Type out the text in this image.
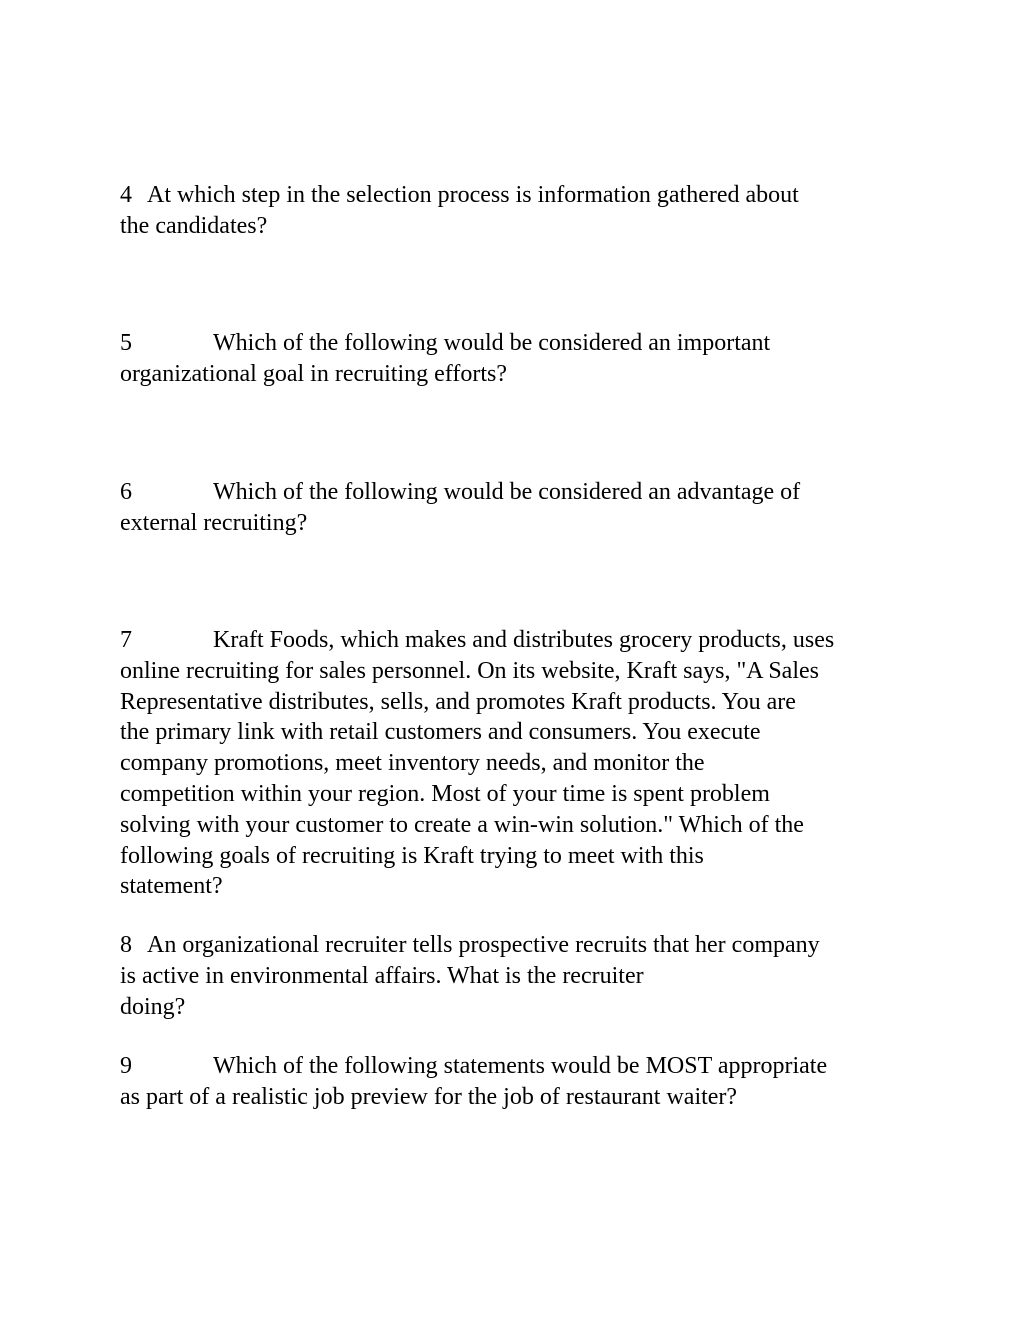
4 At which step in the selection process is information gathered about
the candidates?

5	Which of the following would be considered an important
organizational goal in recruiting efforts?

6	Which of the following would be considered an advantage of
external recruiting?

7	Kraft Foods, which makes and distributes grocery products, uses
online recruiting for sales personnel. On its website, Kraft says, "A Sales
Representative distributes, sells, and promotes Kraft products. You are
the primary link with retail customers and consumers. You execute
company promotions, meet inventory needs, and monitor the
competition within your region. Most of your time is spent problem
solving with your customer to create a win-win solution." Which of the
following goals of recruiting is Kraft trying to meet with this
statement?

8 An organizational recruiter tells prospective recruits that her company
is active in environmental affairs. What is the recruiter
doing?

9	Which of the following statements would be MOST appropriate
as part of a realistic job preview for the job of restaurant waiter?
